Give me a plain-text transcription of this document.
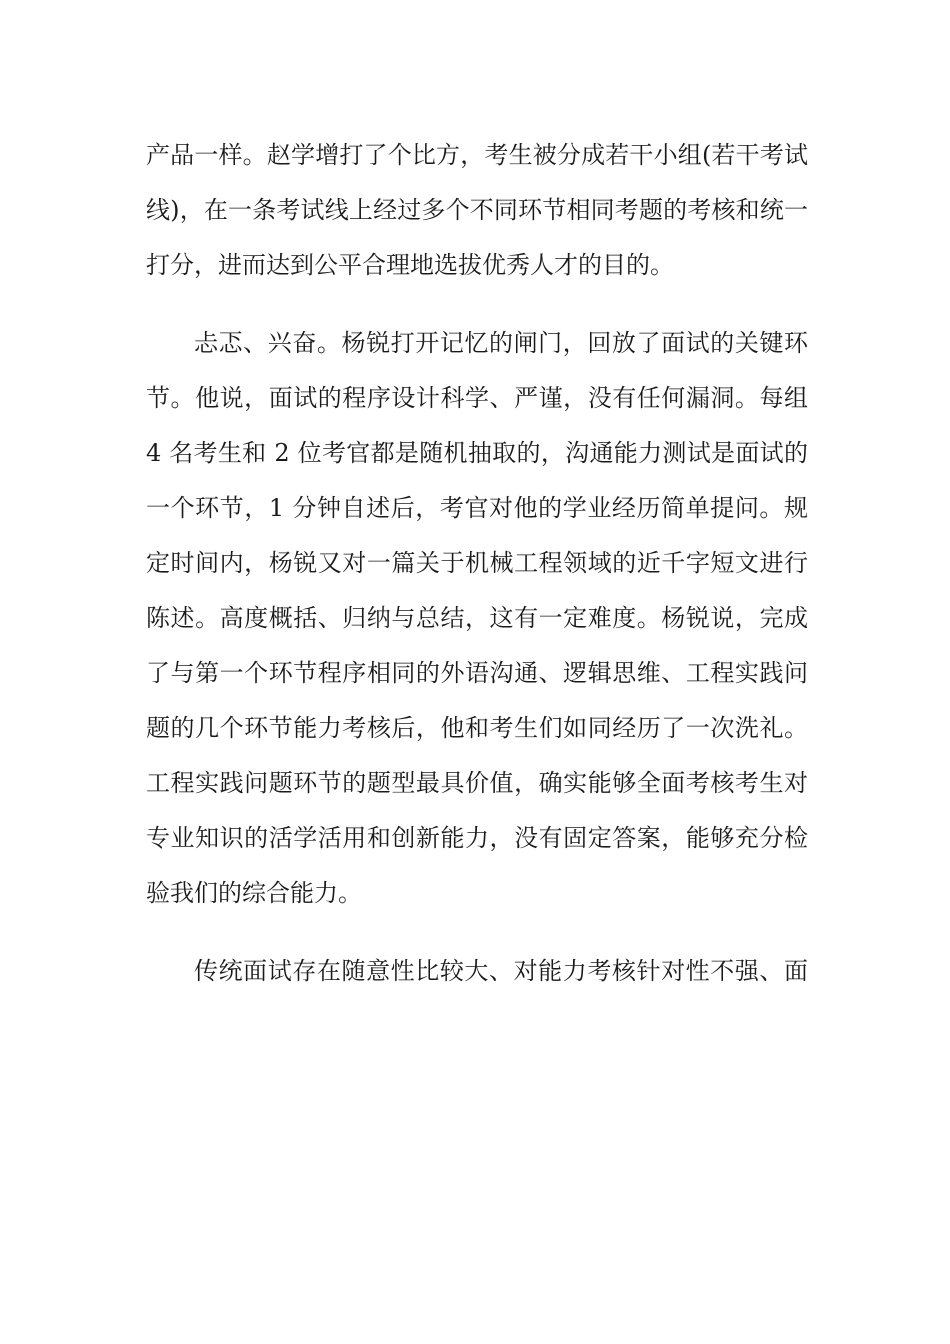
产品一样。赵学增打了个比方，考生被分成若干小组(若干考试
线)，在一条考试线上经过多个不同环节相同考题的考核和统一
打分，进而达到公平合理地选拔优秀人才的目的。
忐忑、兴奋。杨锐打开记忆的闸门，回放了面试的关键环
节。他说，面试的程序设计科学、严谨，没有任何漏洞。每组
4 名考生和 2 位考官都是随机抽取的，沟通能力测试是面试的
一个环节，1 分钟自述后，考官对他的学业经历简单提问。规
定时间内，杨锐又对一篇关于机械工程领域的近千字短文进行
陈述。高度概括、归纳与总结，这有一定难度。杨锐说，完成
了与第一个环节程序相同的外语沟通、逻辑思维、工程实践问
题的几个环节能力考核后，他和考生们如同经历了一次洗礼。
工程实践问题环节的题型最具价值，确实能够全面考核考生对
专业知识的活学活用和创新能力，没有固定答案，能够充分检
验我们的综合能力。
传统面试存在随意性比较大、对能力考核针对性不强、面
